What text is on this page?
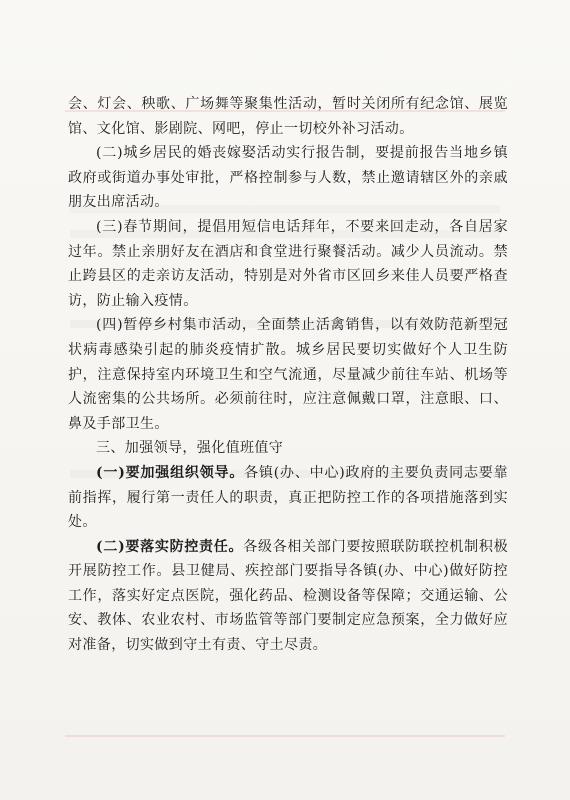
会、灯会、秧歌、广场舞等聚集性活动，暂时关闭所有纪念馆、展览馆、文化馆、影剧院、网吧，停止一切校外补习活动。

(二)城乡居民的婚丧嫁娶活动实行报告制，要提前报告当地乡镇政府或街道办事处审批，严格控制参与人数，禁止邀请辖区外的亲戚朋友出席活动。

(三)春节期间，提倡用短信电话拜年，不要来回走动，各自居家过年。禁止亲朋好友在酒店和食堂进行聚餐活动。减少人员流动。禁止跨县区的走亲访友活动，特别是对外省市区回乡来佳人员要严格查访，防止输入疫情。

(四)暂停乡村集市活动，全面禁止活禽销售，以有效防范新型冠状病毒感染引起的肺炎疫情扩散。城乡居民要切实做好个人卫生防护，注意保持室内环境卫生和空气流通，尽量减少前往车站、机场等人流密集的公共场所。必须前往时，应注意佩戴口罩，注意眼、口、鼻及手部卫生。

三、加强领导，强化值班值守

(一)要加强组织领导。各镇(办、中心)政府的主要负责同志要靠前指挥，履行第一责任人的职责，真正把防控工作的各项措施落到实处。

(二)要落实防控责任。各级各相关部门要按照联防联控机制积极开展防控工作。县卫健局、疾控部门要指导各镇(办、中心)做好防控工作，落实好定点医院，强化药品、检测设备等保障；交通运输、公安、教体、农业农村、市场监管等部门要制定应急预案，全力做好应对准备，切实做到守土有责、守土尽责。
